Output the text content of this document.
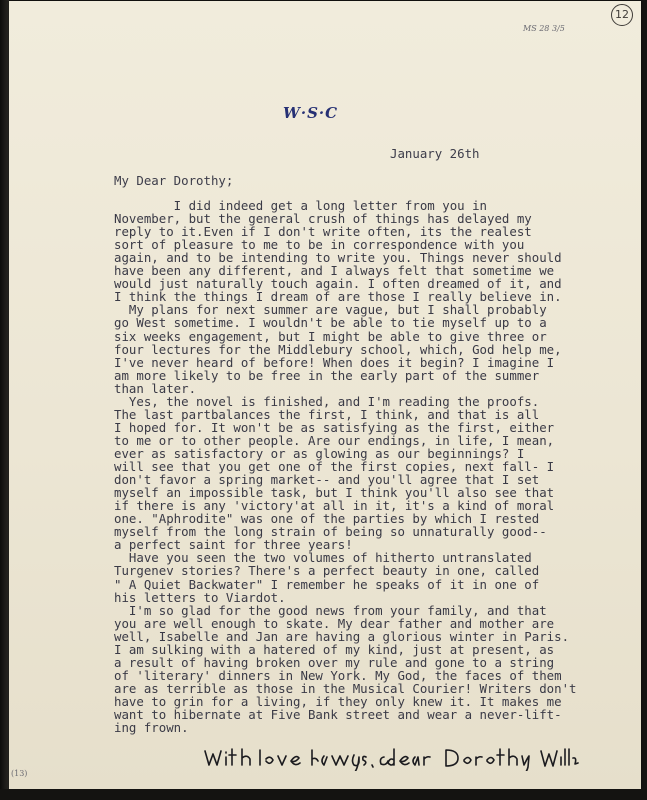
12
MS 28 3/5
W·S·C
January 26th
My Dear Dorothy;
I did indeed get a long letter from you in
November, but the general crush of things has delayed my
reply to it.Even if I don't write often, its the realest
sort of pleasure to me to be in correspondence with you
again, and to be intending to write you. Things never should
have been any different, and I always felt that sometime we
would just naturally touch again. I often dreamed of it, and
I think the things I dream of are those I really believe in.
My plans for next summer are vague, but I shall probably
go West sometime. I wouldn't be able to tie myself up to a
six weeks engagement, but I might be able to give three or
four lectures for the Middlebury school, which, God help me,
I've never heard of before! When does it begin? I imagine I
am more likely to be free in the early part of the summer
than later.
Yes, the novel is finished, and I'm reading the proofs.
The last partbalances the first, I think, and that is all
I hoped for. It won't be as satisfying as the first, either
to me or to other people. Are our endings, in life, I mean,
ever as satisfactory or as glowing as our beginnings? I
will see that you get one of the first copies, next fall- I
don't favor a spring market-- and you'll agree that I set
myself an impossible task, but I think you'll also see that
if there is any 'victory'at all in it, it's a kind of moral
one. "Aphrodite" was one of the parties by which I rested
myself from the long strain of being so unnaturally good--
a perfect saint for three years!
Have you seen the two volumes of hitherto untranslated
Turgenev stories? There's a perfect beauty in one, called
" A Quiet Backwater" I remember he speaks of it in one of
his letters to Viardot.
I'm so glad for the good news from your family, and that
you are well enough to skate. My dear father and mother are
well, Isabelle and Jan are having a glorious winter in Paris.
I am sulking with a hatered of my kind, just at present, as
a result of having broken over my rule and gone to a string
of 'literary' dinners in New York. My God, the faces of them
are as terrible as those in the Musical Courier! Writers don't
have to grin for a living, if they only knew it. It makes me
want to hibernate at Five Bank street and wear a never-lift-
ing frown.
(13)
